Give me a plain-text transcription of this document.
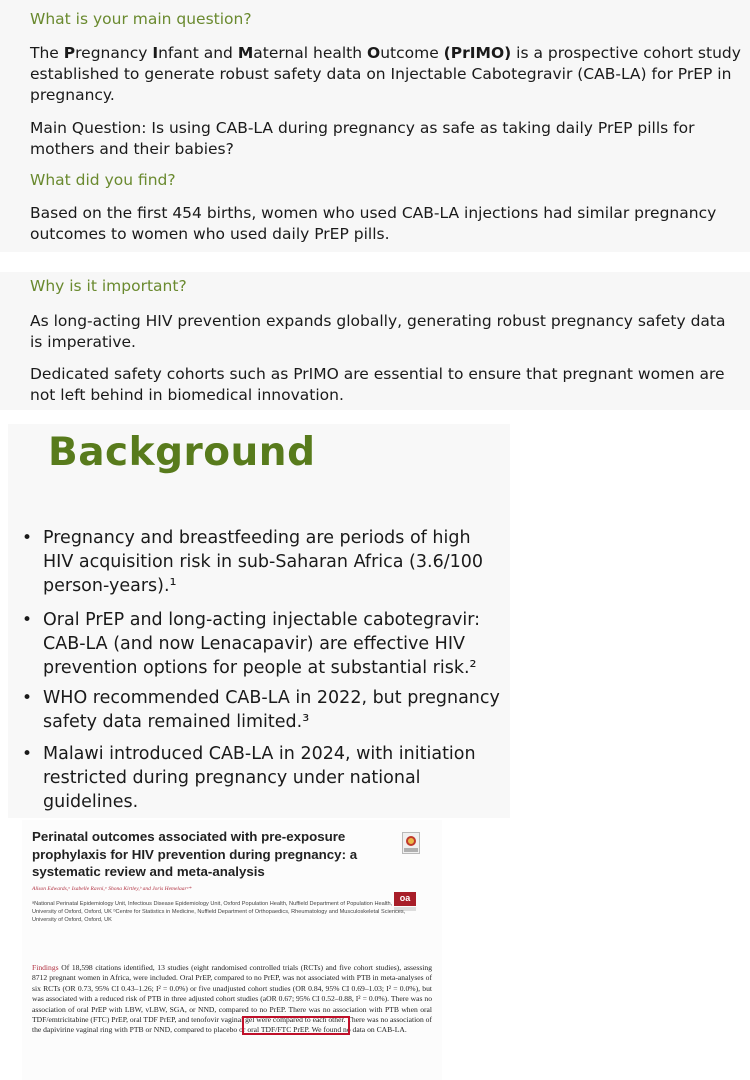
What is your main question?
The Pregnancy Infant and Maternal health Outcome (PrIMO) is a prospective cohort study established to generate robust safety data on Injectable Cabotegravir (CAB-LA) for PrEP in pregnancy.
Main Question: Is using CAB-LA during pregnancy as safe as taking daily PrEP pills for mothers and their babies?
What did you find?
Based on the first 454 births, women who used CAB-LA injections had similar pregnancy outcomes to women who used daily PrEP pills.
Why is it important?
As long-acting HIV prevention expands globally, generating robust pregnancy safety data is imperative.
Dedicated safety cohorts such as PrIMO are essential to ensure that pregnant women are not left behind in biomedical innovation.
Background
• Pregnancy and breastfeeding are periods of high HIV acquisition risk in sub-Saharan Africa (3.6/100 person-years).¹
• Oral PrEP and long-acting injectable cabotegravir: CAB-LA (and now Lenacapavir) are effective HIV prevention options for people at substantial risk.²
• WHO recommended CAB-LA in 2022, but pregnancy safety data remained limited.³
• Malawi introduced CAB-LA in 2024, with initiation restricted during pregnancy under national guidelines.
Perinatal outcomes associated with pre-exposure prophylaxis for HIV prevention during pregnancy: a systematic review and meta-analysis
Alison Edwards,ᵃ Isabelle Ravni,ᵃ Shona Kirtley,ᵇ and Joris Hemelaarᵃ*
oa
ᵃNational Perinatal Epidemiology Unit, Infectious Disease Epidemiology Unit, Oxford Population Health, Nuffield Department of Population Health, University of Oxford, Oxford, UK ᵇCentre for Statistics in Medicine, Nuffield Department of Orthopaedics, Rheumatology and Musculoskeletal Sciences, University of Oxford, Oxford, UK
Findings Of 18,598 citations identified, 13 studies (eight randomised controlled trials (RCTs) and five cohort studies), assessing 8712 pregnant women in Africa, were included. Oral PrEP, compared to no PrEP, was not associated with PTB in meta-analyses of six RCTs (OR 0.73, 95% CI 0.43–1.26; I² = 0.0%) or five unadjusted cohort studies (OR 0.84, 95% CI 0.69–1.03; I² = 0.0%), but was associated with a reduced risk of PTB in three adjusted cohort studies (aOR 0.67; 95% CI 0.52–0.88, I² = 0.0%). There was no association of oral PrEP with LBW, vLBW, SGA, or NND, compared to no PrEP. There was no association with PTB when oral TDF/emtricitabine (FTC) PrEP, oral TDF PrEP, and tenofovir vaginal gel were compared to each other. There was no association of the dapivirine vaginal ring with PTB or NND, compared to placebo or oral TDF/FTC PrEP. We found no data on CAB-LA.
